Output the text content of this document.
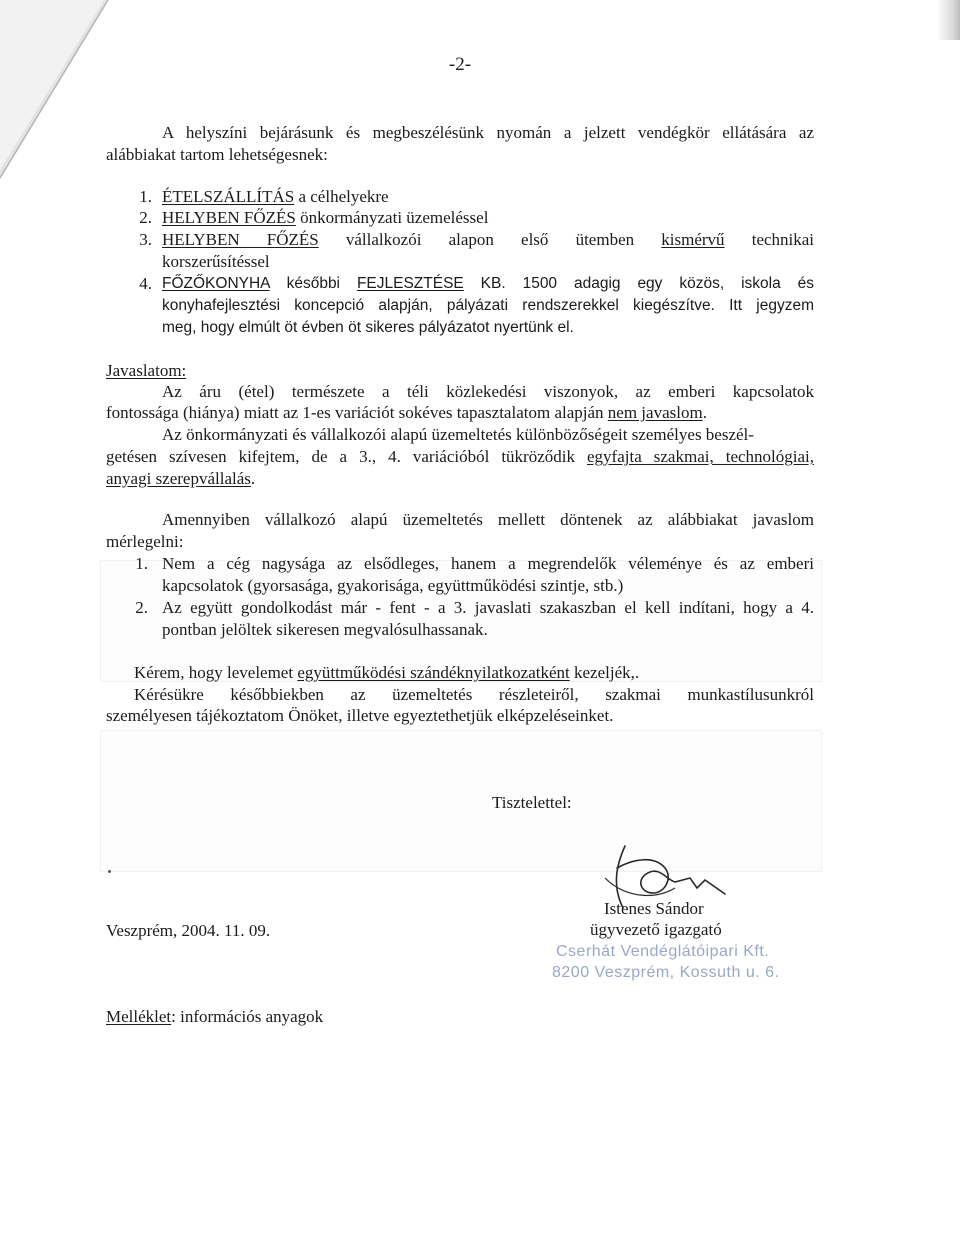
-2-
A helyszíni bejárásunk és megbeszélésünk nyomán a jelzett vendégkör ellátására az
alábbiakat tartom lehetségesnek:
1. ÉTELSZÁLLÍTÁS a célhelyekre
2. HELYBEN FŐZÉS önkormányzati üzemeléssel
3. HELYBEN FŐZÉS vállalkozói alapon első ütemben kismérvű technikai
korszerűsítéssel
4. FŐZŐKONYHA későbbi FEJLESZTÉSE KB. 1500 adagig egy közös, iskola és
konyhafejlesztési koncepció alapján, pályázati rendszerekkel kiegészítve. Itt jegyzem
meg, hogy elmúlt öt évben öt sikeres pályázatot nyertünk el.
Javaslatom:
Az áru (étel) természete a téli közlekedési viszonyok, az emberi kapcsolatok
fontossága (hiánya) miatt az 1-es variációt sokéves tapasztalatom alapján nem javaslom.
Az önkormányzati és vállalkozói alapú üzemeltetés különbözőségeit személyes beszél-
getésen szívesen kifejtem, de a 3., 4. variációból tükröződik egyfajta szakmai, technológiai,
anyagi szerepvállalás.
Amennyiben vállalkozó alapú üzemeltetés mellett döntenek az alábbiakat javaslom
mérlegelni:
1. Nem a cég nagysága az elsődleges, hanem a megrendelők véleménye és az emberi
kapcsolatok (gyorsasága, gyakorisága, együttműködési szintje, stb.)
2. Az együtt gondolkodást már - fent - a 3. javaslati szakaszban el kell indítani, hogy a 4.
pontban jelöltek sikeresen megvalósulhassanak.
Kérem, hogy levelemet együttműködési szándéknyilatkozatként kezeljék,.
Kérésükre későbbiekben az üzemeltetés részleteiről, szakmai munkastílusunkról
személyesen tájékoztatom Önöket, illetve egyeztethetjük elképzeléseinket.
Tisztelettel:
Veszprém, 2004. 11. 09.
Istenes Sándor
ügyvezető igazgató
Cserhát Vendéglátóipari Kft.
8200 Veszprém, Kossuth u. 6.
Melléklet: információs anyagok
